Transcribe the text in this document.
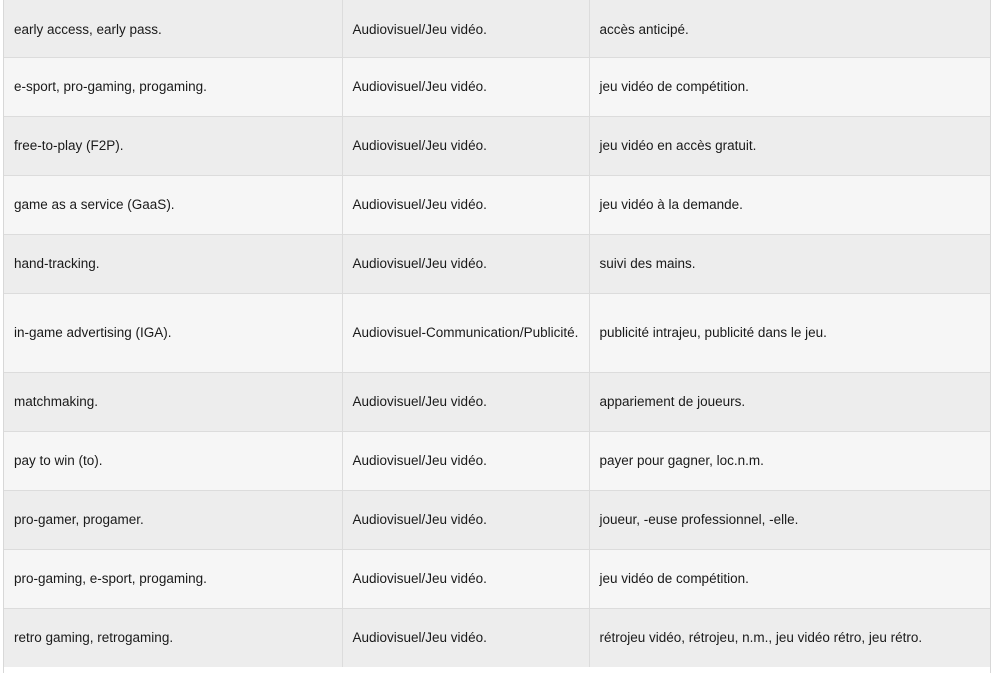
early access, early pass.	Audiovisuel/Jeu vidéo.	accès anticipé.
e-sport, pro-gaming, progaming.	Audiovisuel/Jeu vidéo.	jeu vidéo de compétition.
free-to-play (F2P).	Audiovisuel/Jeu vidéo.	jeu vidéo en accès gratuit.
game as a service (GaaS).	Audiovisuel/Jeu vidéo.	jeu vidéo à la demande.
hand-tracking.	Audiovisuel/Jeu vidéo.	suivi des mains.
in-game advertising (IGA).	Audiovisuel-Communication/Publicité.	publicité intrajeu, publicité dans le jeu.
matchmaking.	Audiovisuel/Jeu vidéo.	appariement de joueurs.
pay to win (to).	Audiovisuel/Jeu vidéo.	payer pour gagner, loc.n.m.
pro-gamer, progamer.	Audiovisuel/Jeu vidéo.	joueur, -euse professionnel, -elle.
pro-gaming, e-sport, progaming.	Audiovisuel/Jeu vidéo.	jeu vidéo de compétition.
retro gaming, retrogaming.	Audiovisuel/Jeu vidéo.	rétrojeu vidéo, rétrojeu, n.m., jeu vidéo rétro, jeu rétro.
